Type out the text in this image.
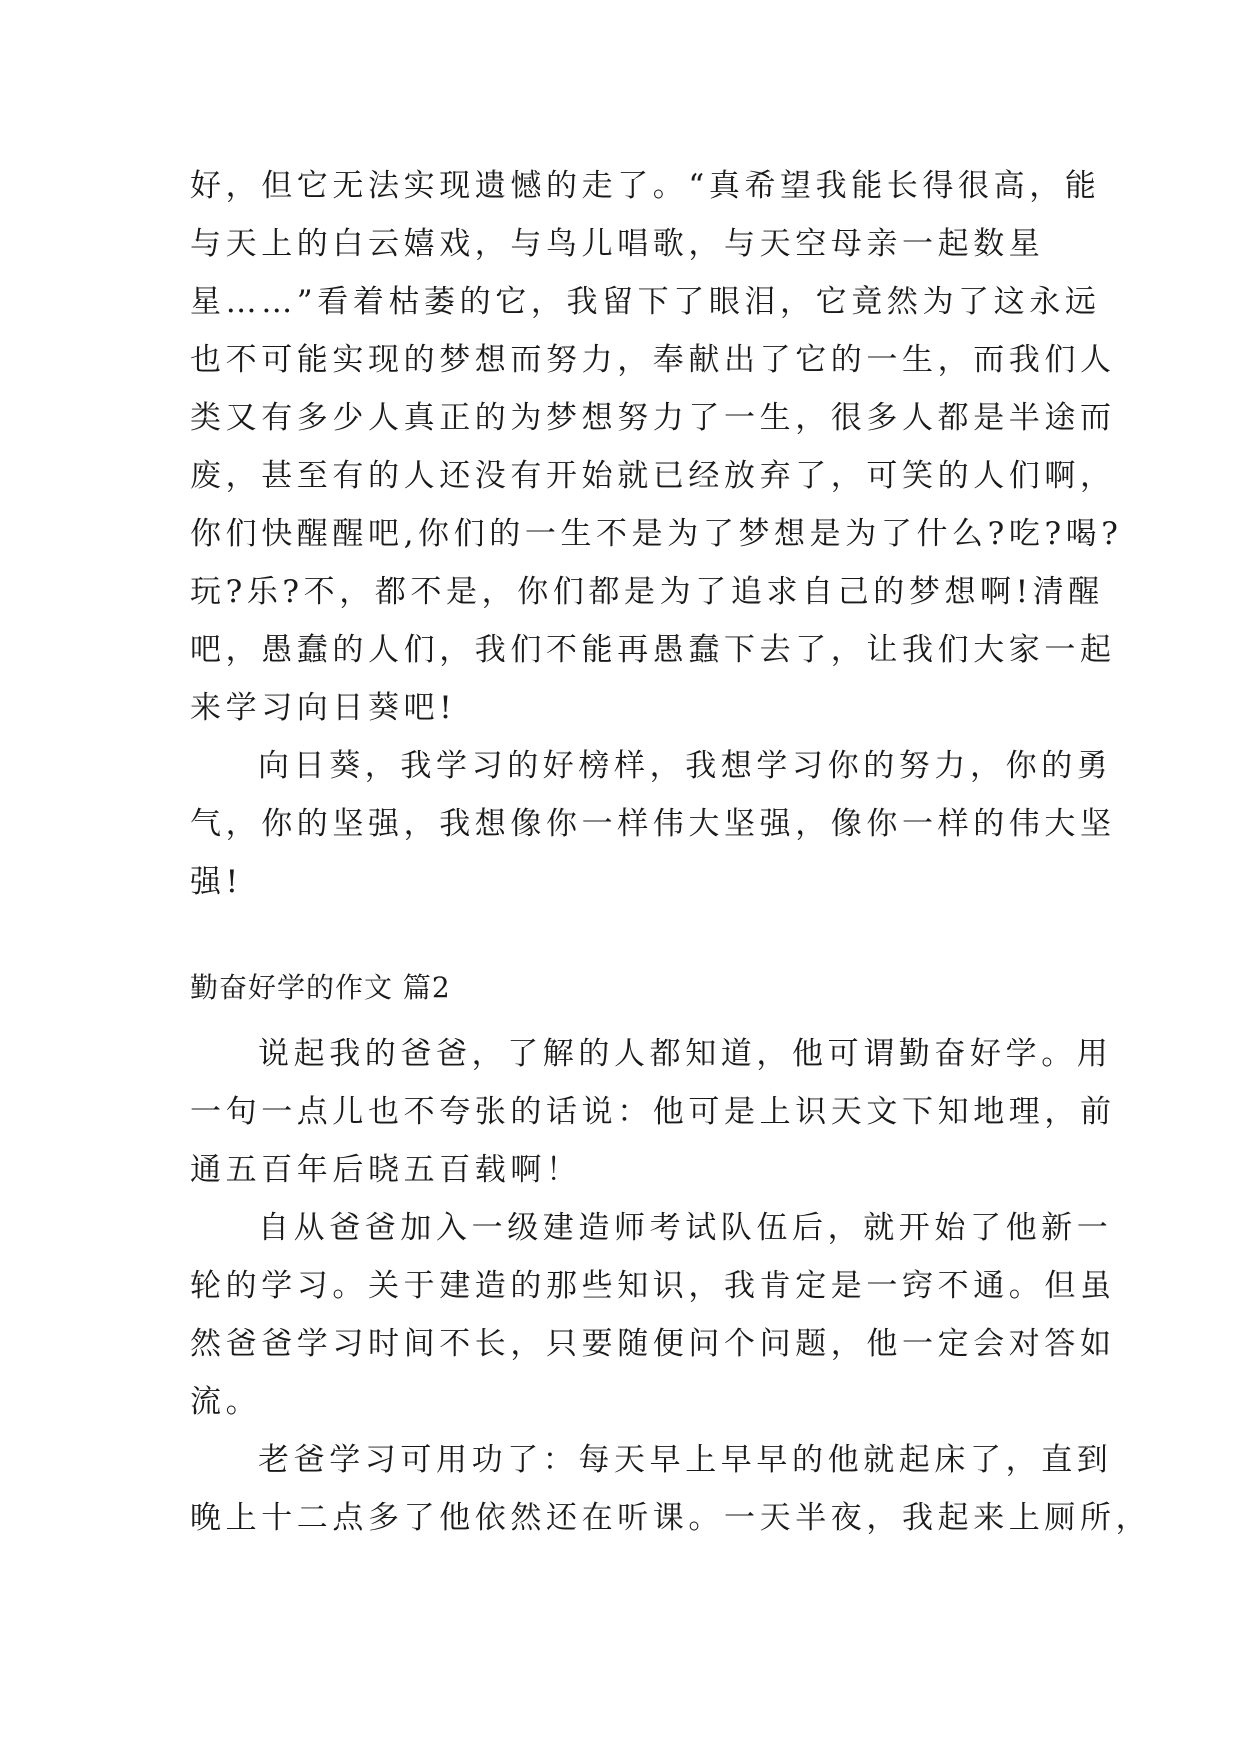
好，但它无法实现遗憾的走了。“真希望我能长得很高，能
与天上的白云嬉戏，与鸟儿唱歌，与天空母亲一起数星
星……”看着枯萎的它，我留下了眼泪，它竟然为了这永远
也不可能实现的梦想而努力，奉献出了它的一生，而我们人
类又有多少人真正的为梦想努力了一生，很多人都是半途而
废，甚至有的人还没有开始就已经放弃了，可笑的人们啊，
你们快醒醒吧,你们的一生不是为了梦想是为了什么?吃?喝?
玩?乐?不，都不是，你们都是为了追求自己的梦想啊!清醒
吧，愚蠢的人们，我们不能再愚蠢下去了，让我们大家一起
来学习向日葵吧!
向日葵，我学习的好榜样，我想学习你的努力，你的勇
气，你的坚强，我想像你一样伟大坚强，像你一样的伟大坚
强!
勤奋好学的作文 篇2
说起我的爸爸，了解的人都知道，他可谓勤奋好学。用
一句一点儿也不夸张的话说：他可是上识天文下知地理，前
通五百年后晓五百载啊！
自从爸爸加入一级建造师考试队伍后，就开始了他新一
轮的学习。关于建造的那些知识，我肯定是一窍不通。但虽
然爸爸学习时间不长，只要随便问个问题，他一定会对答如
流。
老爸学习可用功了：每天早上早早的他就起床了，直到
晚上十二点多了他依然还在听课。一天半夜，我起来上厕所，
